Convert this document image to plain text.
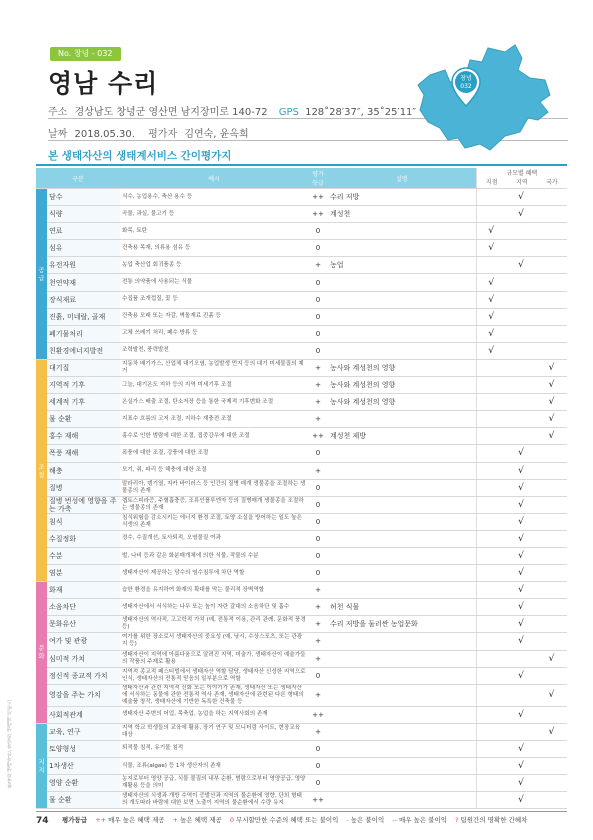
No. 창녕 - 032
영남 수리
주소 경상남도 창녕군 영산면 남지장미로 140-72 GPS 128˚28′37″, 35˚25′11″
날짜 2018.05.30. 평가자 김연숙, 윤옥희
창녕
032
본 생태자산의 생태계서비스 간이평가지
구분		예시	평가 등급	설명	규모별 혜택
지점 지역 국가		

공급	담수	식수, 농업용수, 축산 용수 등	++	수리 저방		√	
	식량	곡물, 과실, 물고기 등	++	계성천		√	
	연료	화목, 토탄	0		√		
	섬유	건축용 목재, 의류용 섬유 등	0		√		
	유전자원	농업 축산업 회귀품종 등	+	농업		√	
	천연약재	전통 의약품에 사용되는 식물	0		√		
	장식재료	수집품 조개껍질, 꽃 등	0		√		
	진흙, 미네랄, 골재	건축용 모래 또는 자갈, 벽돌재료 진흙 등	0		√		
	폐기물처리	고체 쓰레기 처리, 폐수 방류 등	0		√		
	친환경에너지발전	조력발전, 풍력발전	0		√		
조절	대기질	지동차 배기가스, 산업체 대기오염, 농업발생 먼지 등의 대기 미세물질의 제거	+	농사와 계성천의 영향			√
	지역적 기후	그늘, 대기온도 지하 등의 지역 미세기후 조절	+	농사와 계성천의 영향			√
	세계적 기후	온실가스 배출 조절, 탄소저장 등을 통한 국제적 기후변화 조절	+	농사와 계성천의 영향			√
	물 순환	지표수 흐름의 고저 조절, 지하수 재충전 조절	+				√
	홍수 재해	홍수로 인한 범람에 대한 조절, 집중강우에 대한 조절	++	계성천 제방			√
	폭풍 재해	폭풍에 대한 조절, 강풍에 대한 조절	0			√	
	해충	모기, 쥐, 파리 등 해충에 대한 조절	+			√	
	질병	말라리아, 뎅기열, 지카 바이러스 등 인간의 질병 매개 생물종을 조절하는 생물종의 존재	0			√	
	질병 번성에 영향을 주는 가축	렙토스피라증, 주혈흡충증, 조류인플루엔자 등의 질병매개 생물종을 조절하는 생물종의 존재	0			√	
	침식	침식위험을 감소시키는 에너지 환경 조절, 토양 소실을 방어하는 일도 높은 식생의 존재	0			√	
	수질정화	정수, 수질개선, 토사퇴적, 오염물질 여과	0			√	
	수분	벌, 나비 등과 같은 화분매개체에 의한 식물, 작물의 수분	0			√	
	염분	생태자산이 제공하는 담수의 염수침투에 차단 역할	0			√	
문화	화재	습한 환경을 유지하여 화재의 확대를 막는 물리적 장벽역할	+			√	
	소음차단	생태자산에서 서식하는 나무 또는 높이 자란 갈대의 소음차단 및 흡수	+	허천 식물		√	
	문화유산	생태자산의 역사적, 고고학적 가치 (예, 전통적 이용, 관리 관례, 문화적 풍경 등)	+	수리 저방을 둘러싼 농업문화		√	
	여가 및 관광	여가를 위한 장소로서 생태자산의 중요성 (예, 낚시, 수상스포츠, 또는 관광지 등)	+			√	
	심미적 가치	생태자산이 지역에 아름다움으로 알려진 지역, 미술가, 생태자산이 예술가들의 작품의 주제로 활용	+				√
	정신적 종교적 가치	지역적 종교적 페스티벌에서 생태자산 역할 담당, 생태자산 신성한 지역으로 인식, 생태자산의 전통적 믿음의 일부분으로 역할	0			√	
	영감을 주는 가치	생태자산과 관련 지역적 신화 또는 이야기가 존재, 생태자산 또는 생태자산에 서식하는 동물에 관한 전통적 역사 존재, 생태자산에 관련된 다른 형태의 예술품 창작, 생태자산에 기반한 독특한 건축물 등	+				√
	사회적관계	생태자산 주변의 어업, 목축업, 농업을 하는 지역사회의 존재	++			√	
지지	교육, 연구	지역 학교 학생들의 교육에 활용, 장기 연구 및 모니터링 사이트, 현장교육 대상	+				√
	토양형성	퇴적물 침적, 유기물 침적	0			√	
	1차생산	식물, 조류(algae) 등 1차 생산자의 존재	0			√	
	영양 순환	농지로부터 영양 공급, 식물 물질의 내부 순환, 범람으로부터 영양공급, 영양 재활용 등을 의미	0			√	
	물 순환	생태자산의 식생과 개방 수역이 증발산과 지역의 물순환에 영향, 단희 형태의 개도따라 바람에 대한 보면 노출이 지역의 물순환에서 수량 유지	++			√	
한국의 생태자산, 창녕의 생태계 서비스
74 평가등급 ++ 매우 높은 혜택 제공 + 높은 혜택 제공 0 무시할만한 수준의 혜택 또는 불이익 - 높은 불이익 -- 매우 높은 불이익 ? 팀원간의 명확한 간혜차
